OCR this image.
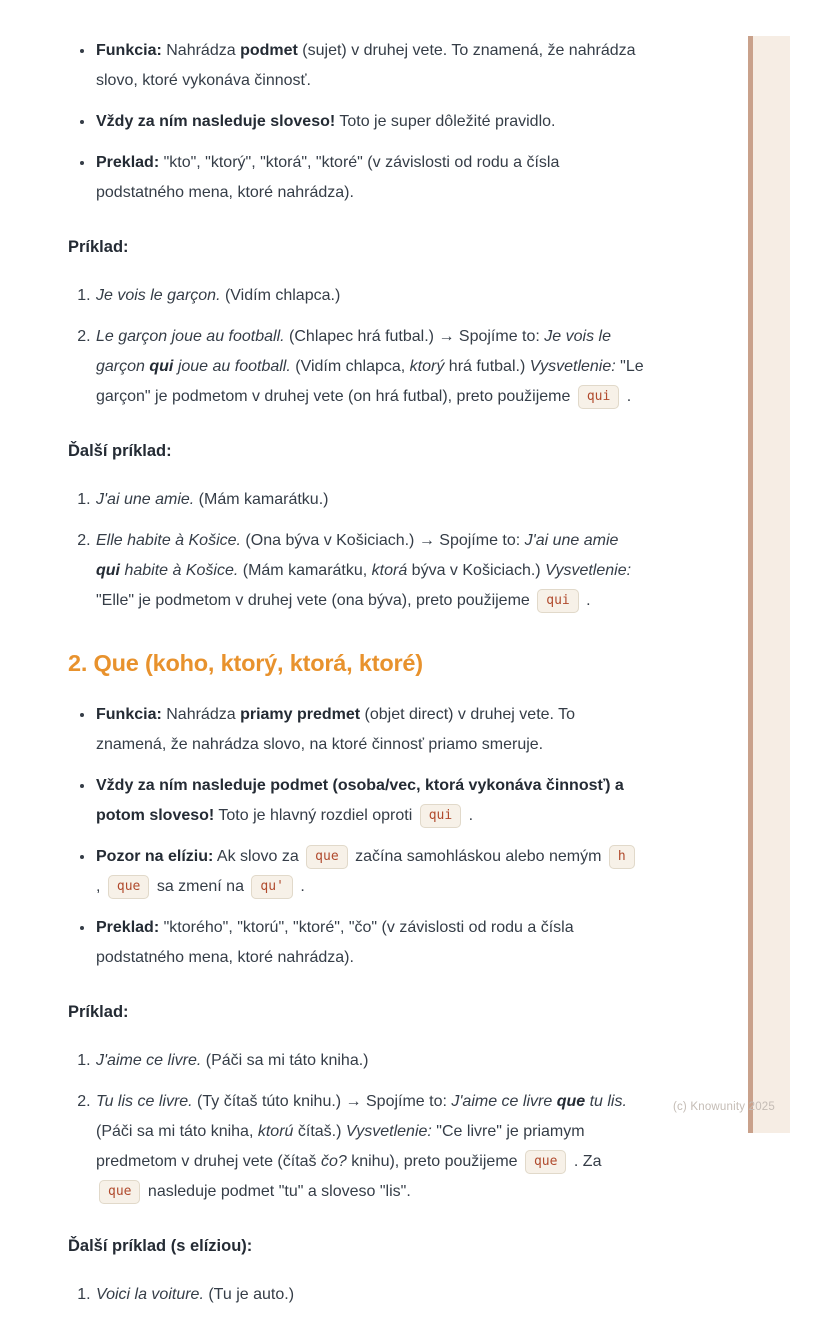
• Funkcia: Nahrádza podmet (sujet) v druhej vete. To znamená, že nahrádza slovo, ktoré vykonáva činnosť.
• Vždy za ním nasleduje sloveso! Toto je super dôležité pravidlo.
• Preklad: "kto", "ktorý", "ktorá", "ktoré" (v závislosti od rodu a čísla podstatného mena, ktoré nahrádza).
Príklad:
1. Je vois le garçon. (Vidím chlapca.)
2. Le garçon joue au football. (Chlapec hrá futbal.) → Spojíme to: Je vois le garçon qui joue au football. (Vidím chlapca, ktorý hrá futbal.) Vysvetlenie: "Le garçon" je podmetom v druhej vete (on hrá futbal), preto použijeme qui .
Ďalší príklad:
1. J'ai une amie. (Mám kamarátku.)
2. Elle habite à Košice. (Ona býva v Košiciach.) → Spojíme to: J'ai une amie qui habite à Košice. (Mám kamarátku, ktorá býva v Košiciach.) Vysvetlenie: "Elle" je podmetom v druhej vete (ona býva), preto použijeme qui .
2. Que (koho, ktorý, ktorá, ktoré)
• Funkcia: Nahrádza priamy predmet (objet direct) v druhej vete. To znamená, že nahrádza slovo, na ktoré činnosť priamo smeruje.
• Vždy za ním nasleduje podmet (osoba/vec, ktorá vykonáva činnosť) a potom sloveso! Toto je hlavný rozdiel oproti qui .
• Pozor na elíziu: Ak slovo za que začína samohláskou alebo nemým h , que sa zmení na qu' .
• Preklad: "ktorého", "ktorú", "ktoré", "čo" (v závislosti od rodu a čísla podstatného mena, ktoré nahrádza).
Príklad:
1. J'aime ce livre. (Páči sa mi táto kniha.)
2. Tu lis ce livre. (Ty čítaš túto knihu.) → Spojíme to: J'aime ce livre que tu lis. (Páči sa mi táto kniha, ktorú čítaš.) Vysvetlenie: "Ce livre" je priamym predmetom v druhej vete (čítaš čo? knihu), preto použijeme que . Za que nasleduje podmet "tu" a sloveso "lis".
Ďalší príklad (s elíziou):
1. Voici la voiture. (Tu je auto.)
(c) Knowunity 2025
